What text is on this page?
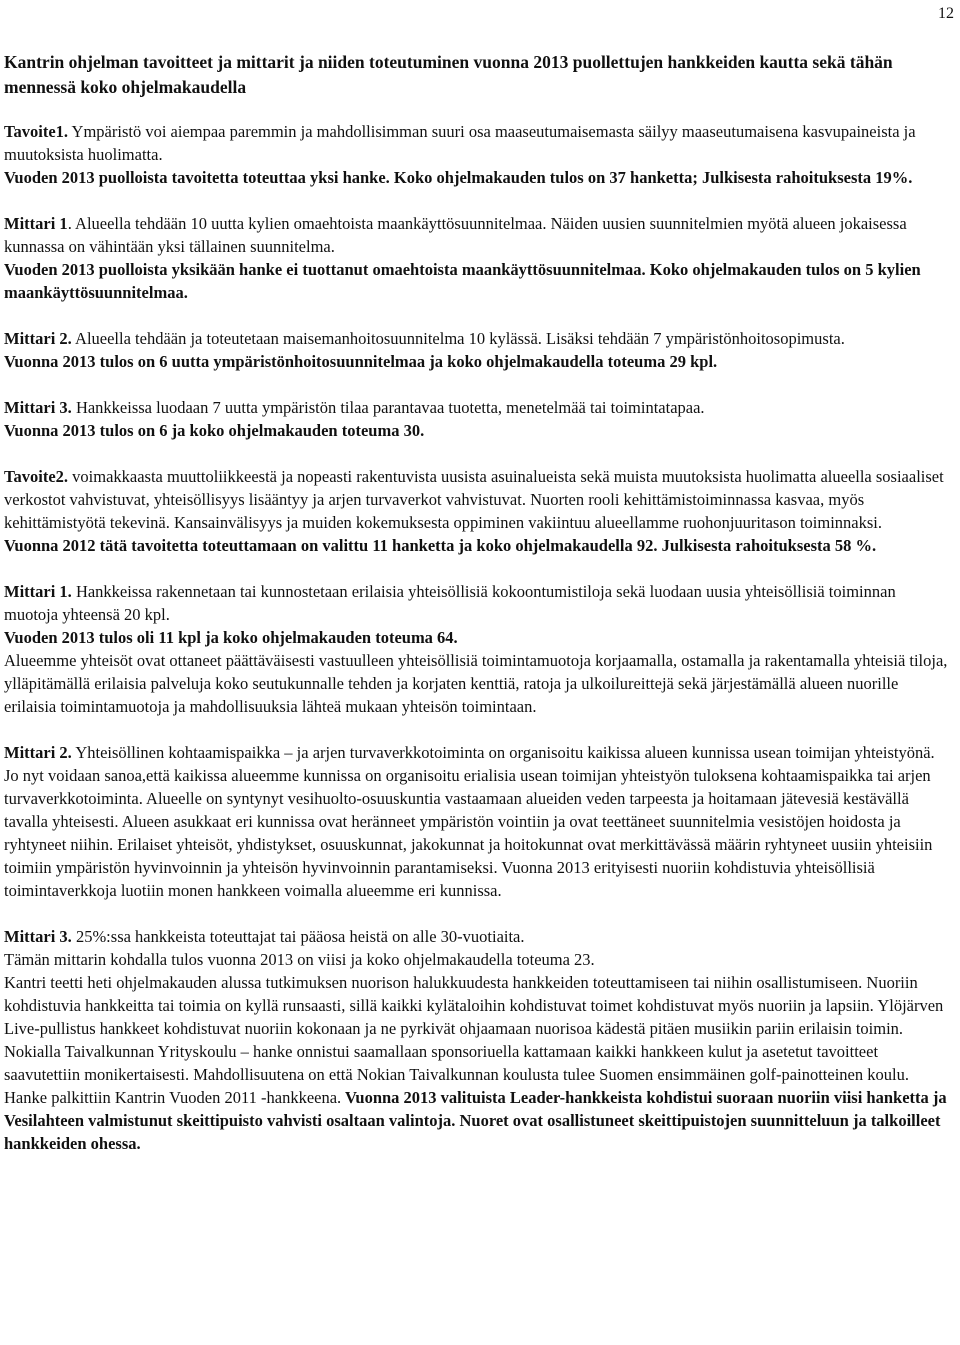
12
Kantrin ohjelman tavoitteet ja mittarit ja niiden toteutuminen vuonna 2013 puollettujen hankkeiden kautta sekä tähän mennessä koko ohjelmakaudella

Tavoite1. Ympäristö voi aiempaa paremmin ja mahdollisimman suuri osa maaseutumaisemasta säilyy maaseutumaisena kasvupaineista ja muutoksista huolimatta.

Vuoden 2013 puolloista tavoitetta toteuttaa yksi hanke. Koko ohjelmakauden tulos on 37 hanketta; Julkisesta rahoituksesta 19%.

Mittari 1. Alueella tehdään 10 uutta kylien omaehtoista maankäyttösuunnitelmaa. Näiden uusien suunnitelmien myötä alueen jokaisessa kunnassa on vähintään yksi tällainen suunnitelma.

Vuoden 2013 puolloista yksikään hanke ei tuottanut omaehtoista maankäyttösuunnitelmaa. Koko ohjelmakauden tulos on 5 kylien maankäyttösuunnitelmaa.

Mittari 2. Alueella tehdään ja toteutetaan maisemanhoitosuunnitelma 10 kylässä. Lisäksi tehdään 7 ympäristönhoitosopimusta.

Vuonna 2013 tulos on 6 uutta ympäristönhoitosuunnitelmaa ja koko ohjelmakaudella toteuma 29 kpl.

Mittari 3. Hankkeissa luodaan 7 uutta ympäristön tilaa parantavaa tuotetta, menetelmää tai toimintatapaa.

Vuonna 2013 tulos on 6 ja koko ohjelmakauden toteuma 30.

Tavoite2. voimakkaasta muuttoliikkeestä ja nopeasti rakentuvista uusista asuinalueista sekä muista muutoksista huolimatta alueella sosiaaliset verkostot vahvistuvat, yhteisöllisyys lisääntyy ja arjen turvaverkot vahvistuvat. Nuorten rooli kehittämistoiminnassa kasvaa, myös kehittämistyötä tekevinä. Kansainvälisyys ja muiden kokemuksesta oppiminen vakiintuu alueellamme ruohonjuuritason toiminnaksi.

Vuonna 2012 tätä tavoitetta toteuttamaan on valittu 11 hanketta ja koko ohjelmakaudella 92. Julkisesta rahoituksesta 58 %.

Mittari 1. Hankkeissa rakennetaan tai kunnostetaan erilaisia yhteisöllisiä kokoontumistiloja sekä luodaan uusia yhteisöllisiä toiminnan muotoja yhteensä 20 kpl.

Vuoden 2013 tulos oli 11 kpl ja koko ohjelmakauden toteuma 64.

Alueemme yhteisöt ovat ottaneet päättäväisesti vastuulleen yhteisöllisiä toimintamuotoja korjaamalla, ostamalla ja rakentamalla yhteisiä tiloja, ylläpitämällä erilaisia palveluja koko seutukunnalle tehden ja korjaten kenttiä, ratoja ja ulkoilureittejä sekä järjestämällä alueen nuorille erilaisia toimintamuotoja ja mahdollisuuksia lähteä mukaan yhteisön toimintaan.

Mittari 2. Yhteisöllinen kohtaamispaikka – ja arjen turvaverkkotoiminta on organisoitu kaikissa alueen kunnissa usean toimijan yhteistyönä.

Jo nyt voidaan sanoa,että kaikissa alueemme kunnissa on organisoitu erialisia usean toimijan yhteistyön tuloksena kohtaamispaikka tai arjen turvaverkkotoiminta. Alueelle on syntynyt vesihuolto-osuuskuntia vastaamaan alueiden veden tarpeesta ja hoitamaan jätevesiä kestävällä tavalla yhteisesti. Alueen asukkaat eri kunnissa ovat heränneet ympäristön vointiin ja ovat teettäneet suunnitelmia vesistöjen hoidosta ja ryhtyneet niihin. Erilaiset yhteisöt, yhdistykset, osuuskunnat, jakokunnat ja hoitokunnat ovat merkittävässä määrin ryhtyneet uusiin yhteisiin toimiin ympäristön hyvinvoinnin ja yhteisön hyvinvoinnin parantamiseksi. Vuonna 2013 erityisesti nuoriin kohdistuvia yhteisöllisiä toimintaverkkoja luotiin monen hankkeen voimalla alueemme eri kunnissa.

Mittari 3. 25%:ssa hankkeista toteuttajat tai pääosa heistä on alle 30-vuotiaita.

Tämän mittarin kohdalla tulos vuonna 2013 on viisi ja koko ohjelmakaudella toteuma 23.

Kantri teetti heti ohjelmakauden alussa tutkimuksen nuorison halukkuudesta hankkeiden toteuttamiseen tai niihin osallistumiseen. Nuoriin kohdistuvia hankkeitta tai toimia on kyllä runsaasti, sillä kaikki kylätaloihin kohdistuvat toimet kohdistuvat myös nuoriin ja lapsiin. Ylöjärven Live-pullistus hankkeet kohdistuvat nuoriin kokonaan ja ne pyrkivät ohjaamaan nuorisoa kädestä pitäen musiikin pariin erilaisin toimin. Nokialla Taivalkunnan Yrityskoulu – hanke onnistui saamallaan sponsoriuella kattamaan kaikki hankkeen kulut ja asetetut tavoitteet saavutettiin monikertaisesti. Mahdollisuutena on että Nokian Taivalkunnan koulusta tulee Suomen ensimmäinen golf-painotteinen koulu. Hanke palkittiin Kantrin Vuoden 2011 -hankkeena. Vuonna 2013 valituista Leader-hankkeista kohdistui suoraan nuoriin viisi hanketta ja Vesilahteen valmistunut skeittipuisto vahvisti osaltaan valintoja. Nuoret ovat osallistuneet skeittipuistojen suunnitteluun ja talkoilleet hankkeiden ohessa.
